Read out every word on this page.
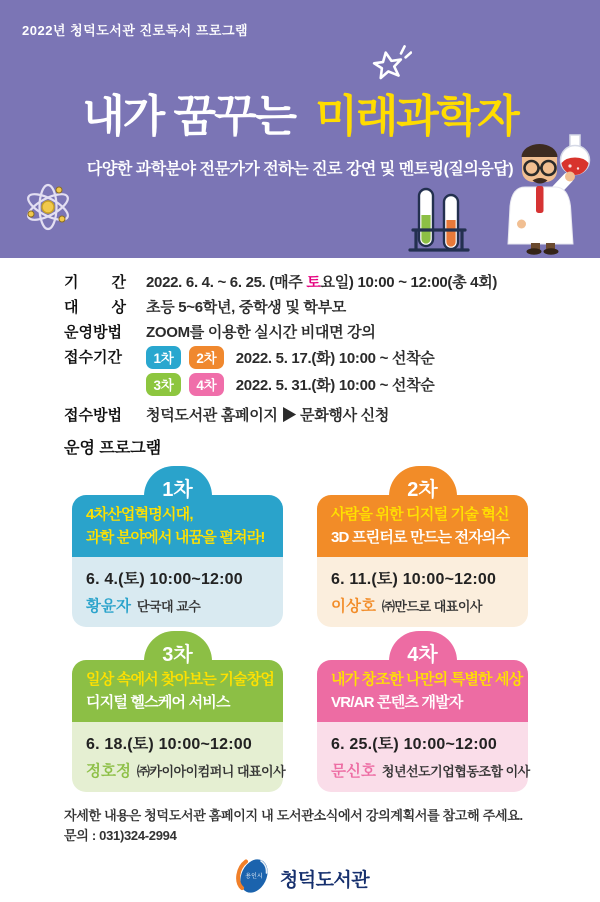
2022년 청덕도서관 진로독서 프로그램
내가 꿈꾸는 미래과학자
다양한 과학분야 전문가가 전하는 진로 강연 및 멘토링(질의응답)
기 간 2022. 6. 4. ~ 6. 25. (매주 토요일) 10:00 ~ 12:00(총 4회)
대 상 초등 5~6학년, 중학생 및 학부모
운영방법 ZOOM를 이용한 실시간 비대면 강의
접수기간	1차 2차 2022. 5. 17.(화) 10:00 ~ 선착순
3차 4차 2022. 5. 31.(화) 10:00 ~ 선착순
접수방법 청덕도서관 홈페이지 ▶ 문화행사 신청
운영 프로그램
1차
4차산업혁명시대,
과학 분야에서 내꿈을 펼쳐라!
6. 4.(토) 10:00~12:00
황윤자 단국대 교수
2차
사람을 위한 디지털 기술 혁신
3D 프린터로 만드는 전자의수
6. 11.(토) 10:00~12:00
이상호 ㈜만드로 대표이사
3차
일상 속에서 찾아보는 기술창업
디지털 헬스케어 서비스
6. 18.(토) 10:00~12:00
정호정 ㈜카이아이컴퍼니 대표이사
4차
내가 창조한 나만의 특별한 세상
VR/AR 콘텐츠 개발자
6. 25.(토) 10:00~12:00
문신호 청년선도기업협동조합 이사
자세한 내용은 청덕도서관 홈페이지 내 도서관소식에서 강의계획서를 참고해 주세요.
문의 : 031)324-2994
용인시 청덕도서관
